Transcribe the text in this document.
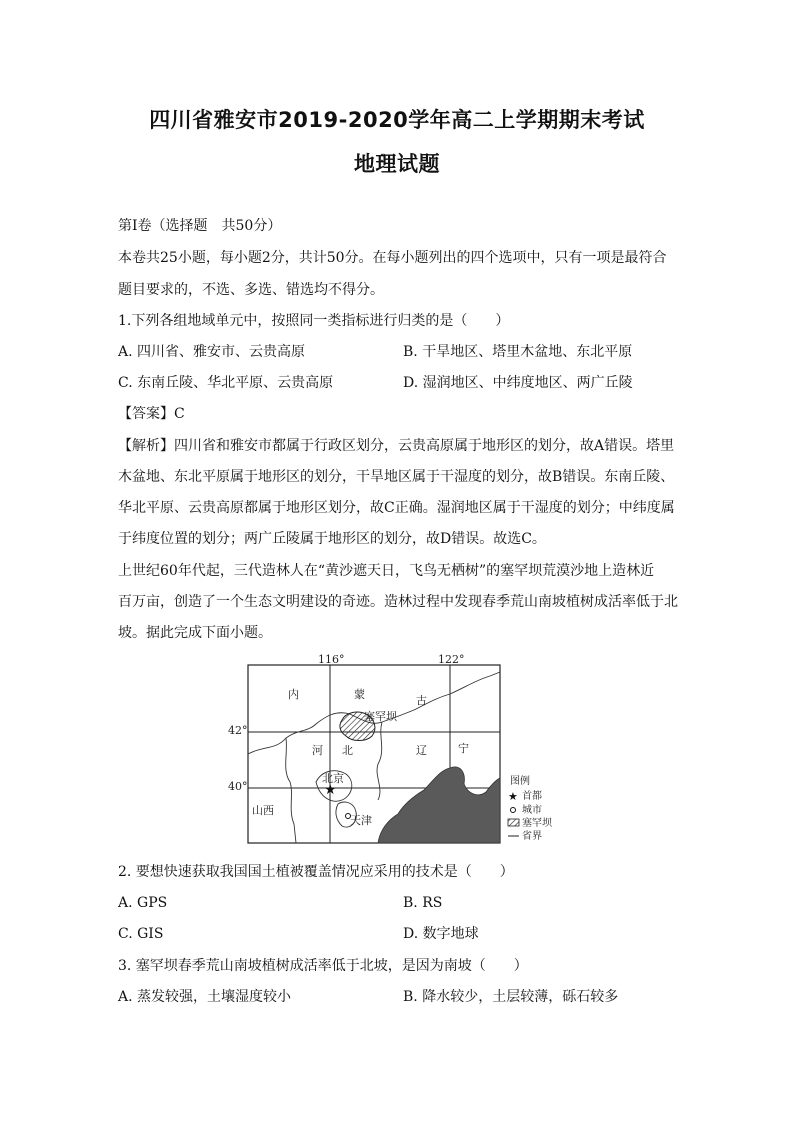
四川省雅安市2019-2020学年高二上学期期末考试
地理试题
第Ⅰ卷（选择题　共50分）
本卷共25小题，每小题2分，共计50分。在每小题列出的四个选项中，只有一项是最符合
题目要求的，不选、多选、错选均不得分。
1.下列各组地域单元中，按照同一类指标进行归类的是（　　）
A. 四川省、雅安市、云贵高原	B. 干旱地区、塔里木盆地、东北平原
C. 东南丘陵、华北平原、云贵高原	D. 湿润地区、中纬度地区、两广丘陵
【答案】C
【解析】四川省和雅安市都属于行政区划分，云贵高原属于地形区的划分，故A错误。塔里
木盆地、东北平原属于地形区的划分，干旱地区属于干湿度的划分，故B错误。东南丘陵、
华北平原、云贵高原都属于地形区划分，故C正确。湿润地区属于干湿度的划分；中纬度属
于纬度位置的划分；两广丘陵属于地形区的划分，故D错误。故选C。
上世纪60年代起，三代造林人在“黄沙遮天日，飞鸟无栖树”的塞罕坝荒漠沙地上造林近
百万亩，创造了一个生态文明建设的奇迹。造林过程中发现春季荒山南坡植树成活率低于北
坡。据此完成下面小题。
★
116°	122°
42°
40°
内	蒙	古
塞罕坝
河 北	辽	宁
北京
天津
山西
图例
★ 首都
城市
塞罕坝
省界
2. 要想快速获取我国国土植被覆盖情况应采用的技术是（　　）
A. GPS	B. RS
C. GIS	D. 数字地球
3. 塞罕坝春季荒山南坡植树成活率低于北坡，是因为南坡（　　）
A. 蒸发较强，土壤湿度较小	B. 降水较少，土层较薄，砾石较多
